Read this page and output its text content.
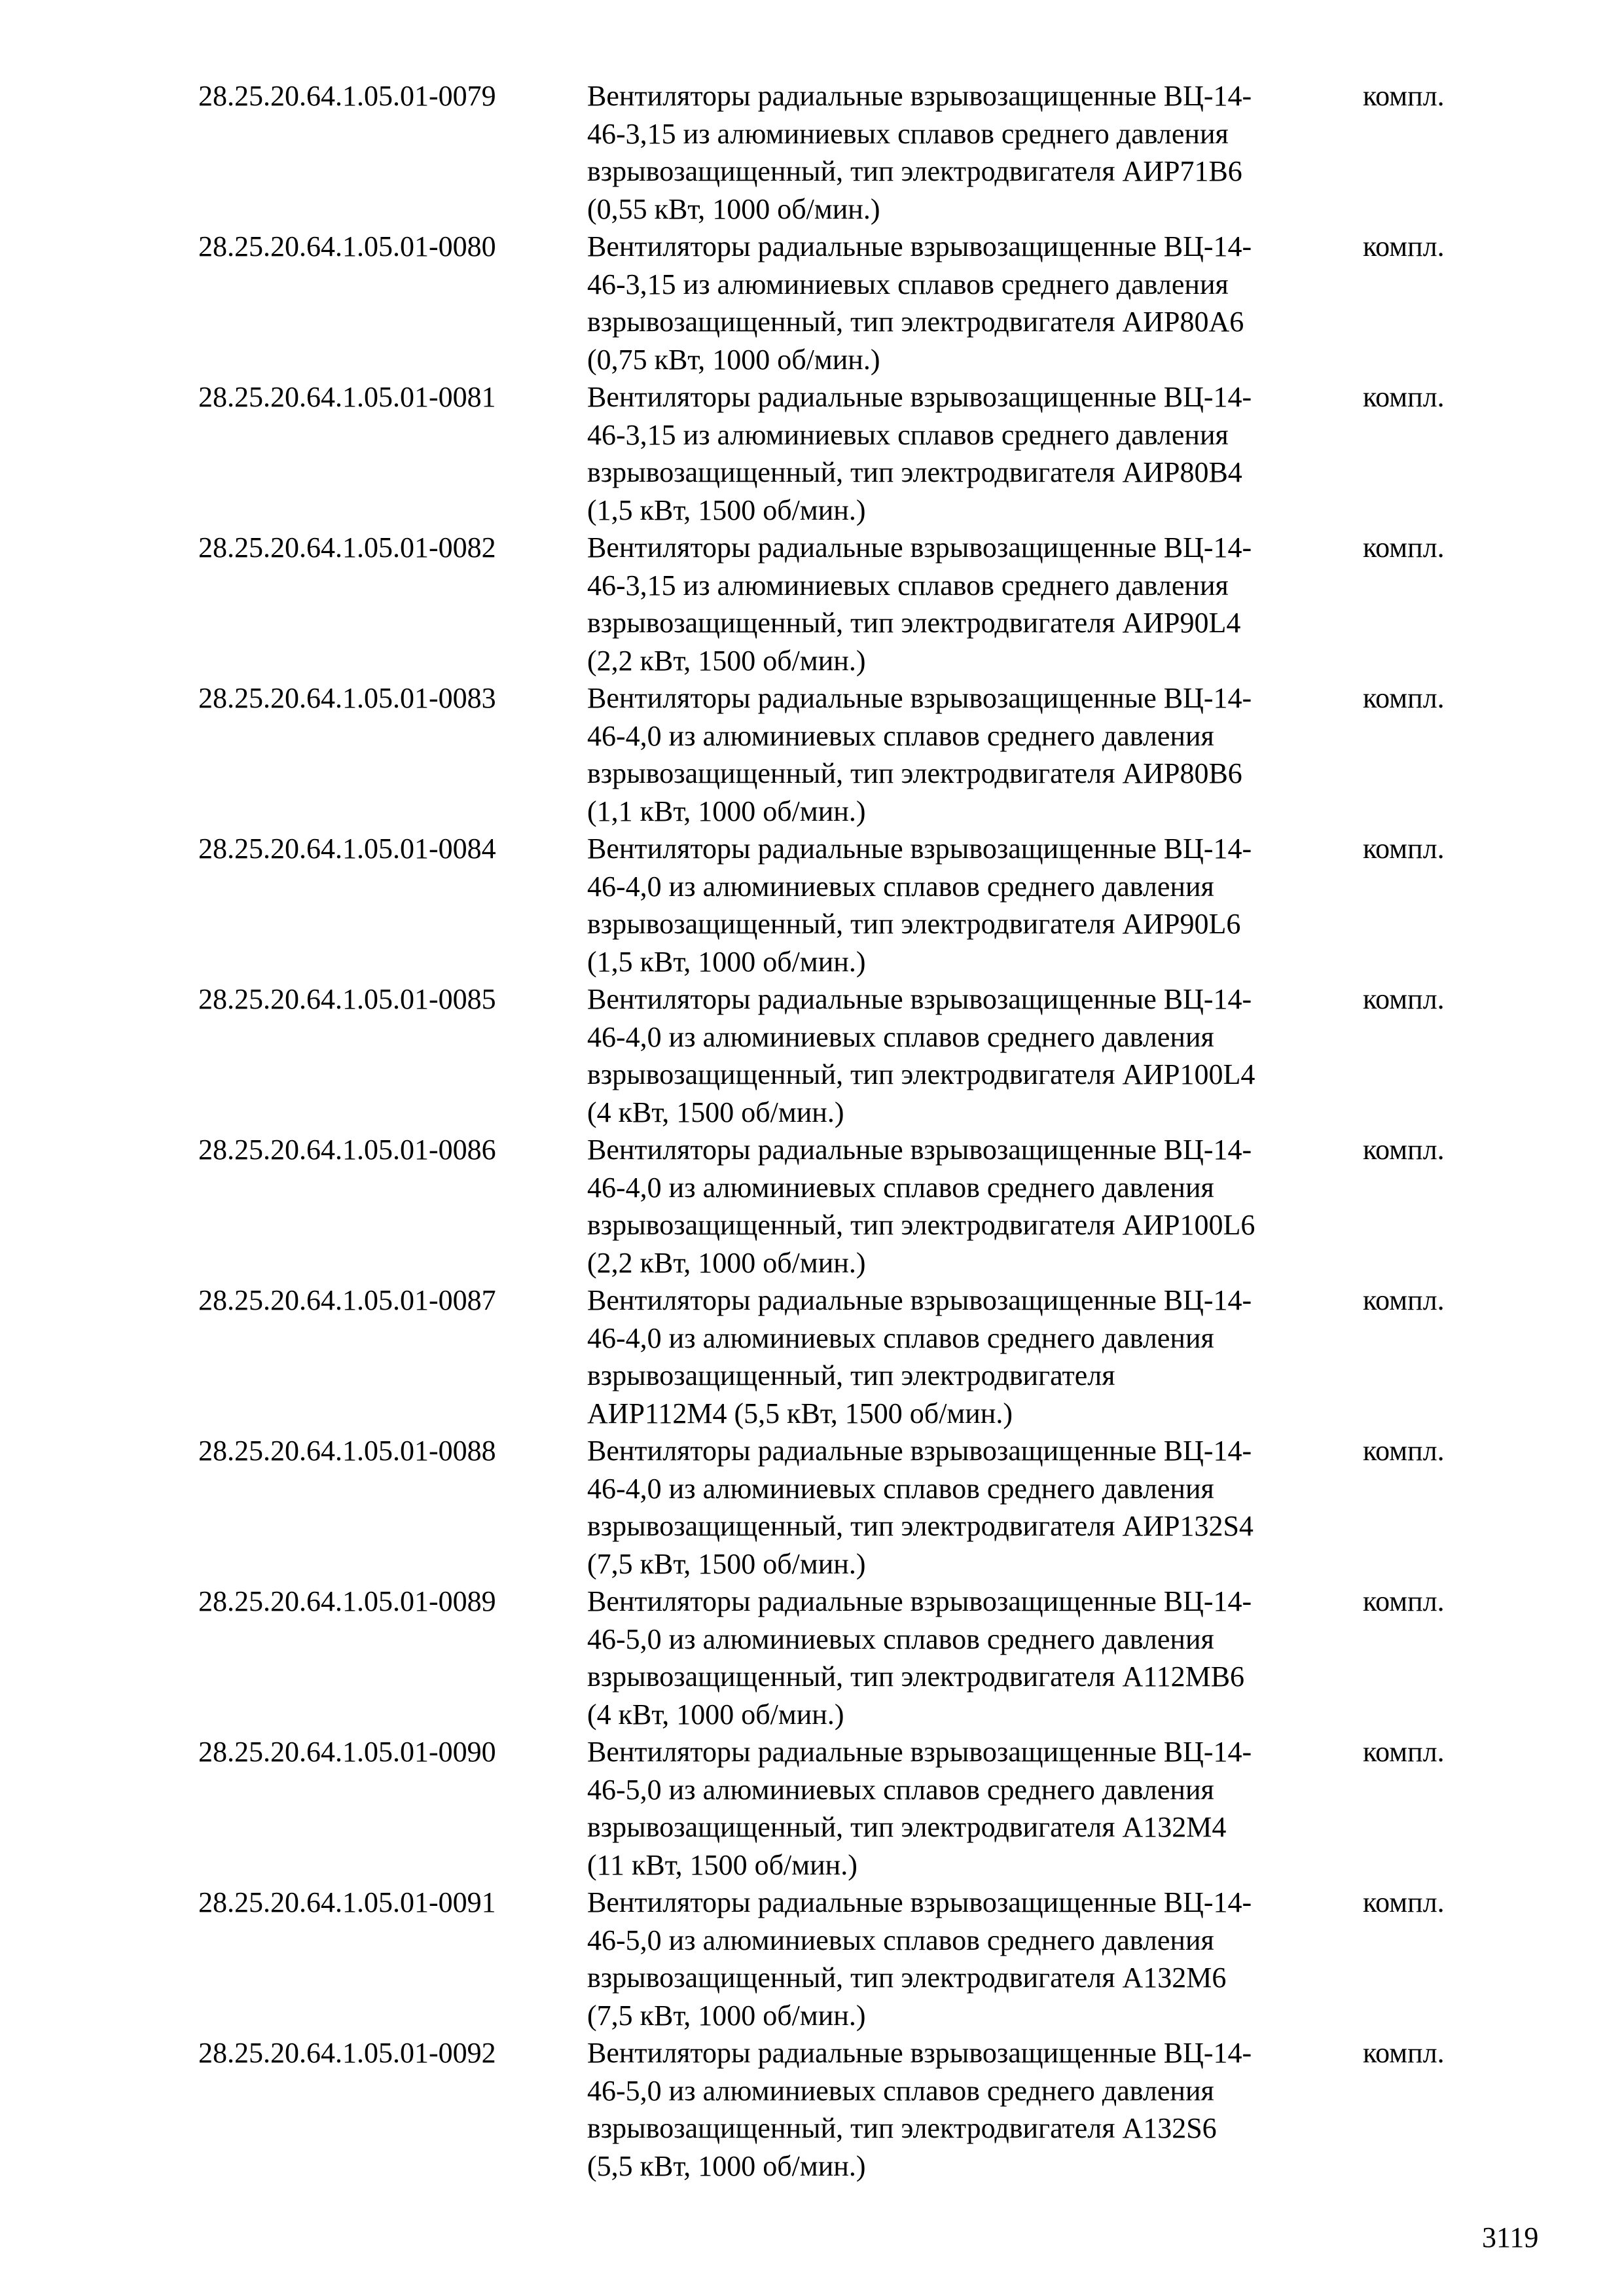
28.25.20.64.1.05.01-0079	Вентиляторы радиальные взрывозащищенные ВЦ-14-
46-3,15 из алюминиевых сплавов среднего давления
взрывозащищенный, тип электродвигателя АИР71В6
(0,55 кВт, 1000 об/мин.)
компл.
28.25.20.64.1.05.01-0080	Вентиляторы радиальные взрывозащищенные ВЦ-14-
46-3,15 из алюминиевых сплавов среднего давления
взрывозащищенный, тип электродвигателя АИР80А6
(0,75 кВт, 1000 об/мин.)
компл.
28.25.20.64.1.05.01-0081	Вентиляторы радиальные взрывозащищенные ВЦ-14-
46-3,15 из алюминиевых сплавов среднего давления
взрывозащищенный, тип электродвигателя АИР80В4
(1,5 кВт, 1500 об/мин.)
компл.
28.25.20.64.1.05.01-0082	Вентиляторы радиальные взрывозащищенные ВЦ-14-
46-3,15 из алюминиевых сплавов среднего давления
взрывозащищенный, тип электродвигателя АИР90L4
(2,2 кВт, 1500 об/мин.)
компл.
28.25.20.64.1.05.01-0083	Вентиляторы радиальные взрывозащищенные ВЦ-14-
46-4,0 из алюминиевых сплавов среднего давления
взрывозащищенный, тип электродвигателя АИР80В6
(1,1 кВт, 1000 об/мин.)
компл.
28.25.20.64.1.05.01-0084	Вентиляторы радиальные взрывозащищенные ВЦ-14-
46-4,0 из алюминиевых сплавов среднего давления
взрывозащищенный, тип электродвигателя АИР90L6
(1,5 кВт, 1000 об/мин.)
компл.
28.25.20.64.1.05.01-0085	Вентиляторы радиальные взрывозащищенные ВЦ-14-
46-4,0 из алюминиевых сплавов среднего давления
взрывозащищенный, тип электродвигателя АИР100L4
(4 кВт, 1500 об/мин.)
компл.
28.25.20.64.1.05.01-0086	Вентиляторы радиальные взрывозащищенные ВЦ-14-
46-4,0 из алюминиевых сплавов среднего давления
взрывозащищенный, тип электродвигателя АИР100L6
(2,2 кВт, 1000 об/мин.)
компл.
28.25.20.64.1.05.01-0087	Вентиляторы радиальные взрывозащищенные ВЦ-14-
46-4,0 из алюминиевых сплавов среднего давления
взрывозащищенный, тип электродвигателя
АИР112М4 (5,5 кВт, 1500 об/мин.)
компл.
28.25.20.64.1.05.01-0088	Вентиляторы радиальные взрывозащищенные ВЦ-14-
46-4,0 из алюминиевых сплавов среднего давления
взрывозащищенный, тип электродвигателя АИР132S4
(7,5 кВт, 1500 об/мин.)
компл.
28.25.20.64.1.05.01-0089	Вентиляторы радиальные взрывозащищенные ВЦ-14-
46-5,0 из алюминиевых сплавов среднего давления
взрывозащищенный, тип электродвигателя А112МВ6
(4 кВт, 1000 об/мин.)
компл.
28.25.20.64.1.05.01-0090	Вентиляторы радиальные взрывозащищенные ВЦ-14-
46-5,0 из алюминиевых сплавов среднего давления
взрывозащищенный, тип электродвигателя А132М4
(11 кВт, 1500 об/мин.)
компл.
28.25.20.64.1.05.01-0091	Вентиляторы радиальные взрывозащищенные ВЦ-14-
46-5,0 из алюминиевых сплавов среднего давления
взрывозащищенный, тип электродвигателя А132М6
(7,5 кВт, 1000 об/мин.)
компл.
28.25.20.64.1.05.01-0092	Вентиляторы радиальные взрывозащищенные ВЦ-14-
46-5,0 из алюминиевых сплавов среднего давления
взрывозащищенный, тип электродвигателя А132S6
(5,5 кВт, 1000 об/мин.)
компл.
3119
